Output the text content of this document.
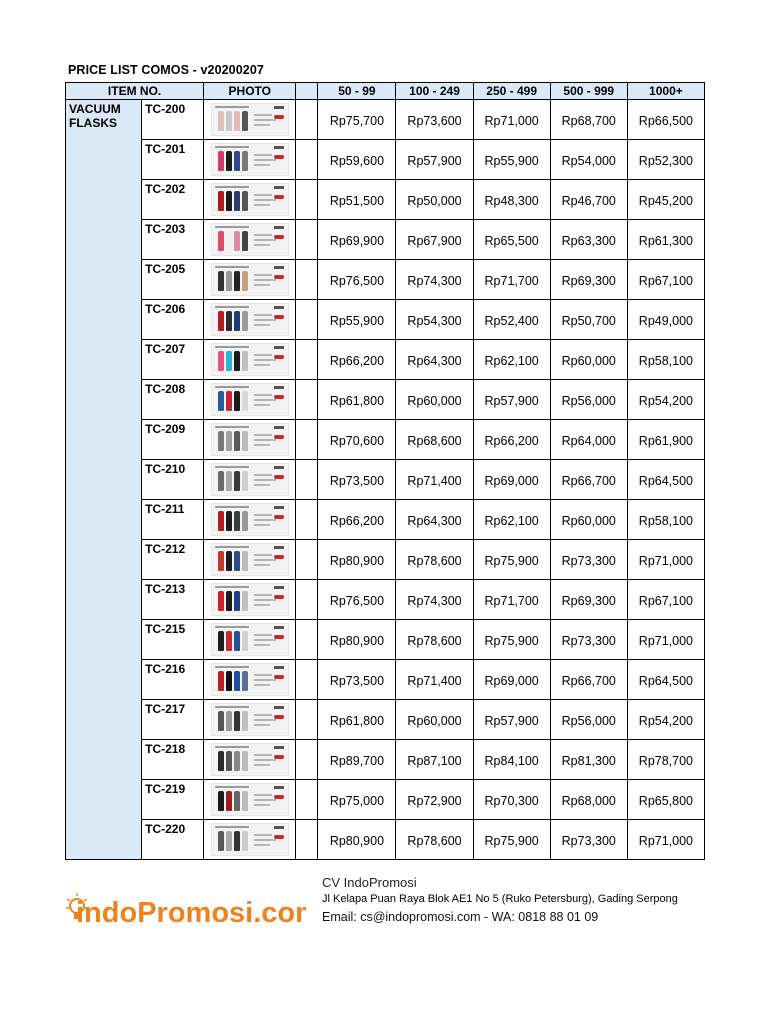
PRICE LIST COMOS - v20200207
ITEM NO.		PHOTO		50 - 99	100 - 249	250 - 499	500 - 999	1000+

VACUUM
FLASKS	TC-200			Rp75,700	Rp73,600	Rp71,000	Rp68,700	Rp66,500
	TC-201			Rp59,600	Rp57,900	Rp55,900	Rp54,000	Rp52,300
	TC-202			Rp51,500	Rp50,000	Rp48,300	Rp46,700	Rp45,200
	TC-203			Rp69,900	Rp67,900	Rp65,500	Rp63,300	Rp61,300
	TC-205			Rp76,500	Rp74,300	Rp71,700	Rp69,300	Rp67,100
	TC-206			Rp55,900	Rp54,300	Rp52,400	Rp50,700	Rp49,000
	TC-207			Rp66,200	Rp64,300	Rp62,100	Rp60,000	Rp58,100
	TC-208			Rp61,800	Rp60,000	Rp57,900	Rp56,000	Rp54,200
	TC-209			Rp70,600	Rp68,600	Rp66,200	Rp64,000	Rp61,900
	TC-210			Rp73,500	Rp71,400	Rp69,000	Rp66,700	Rp64,500
	TC-211			Rp66,200	Rp64,300	Rp62,100	Rp60,000	Rp58,100
	TC-212			Rp80,900	Rp78,600	Rp75,900	Rp73,300	Rp71,000
	TC-213			Rp76,500	Rp74,300	Rp71,700	Rp69,300	Rp67,100
	TC-215			Rp80,900	Rp78,600	Rp75,900	Rp73,300	Rp71,000
	TC-216			Rp73,500	Rp71,400	Rp69,000	Rp66,700	Rp64,500
	TC-217			Rp61,800	Rp60,000	Rp57,900	Rp56,000	Rp54,200
	TC-218			Rp89,700	Rp87,100	Rp84,100	Rp81,300	Rp78,700
	TC-219			Rp75,000	Rp72,900	Rp70,300	Rp68,000	Rp65,800
	TC-220			Rp80,900	Rp78,600	Rp75,900	Rp73,300	Rp71,000
indoPromosi.com
CV IndoPromosi
Jl Kelapa Puan Raya Blok AE1 No 5 (Ruko Petersburg), Gading Serpong
Email: cs@indopromosi.com - WA: 0818 88 01 09
